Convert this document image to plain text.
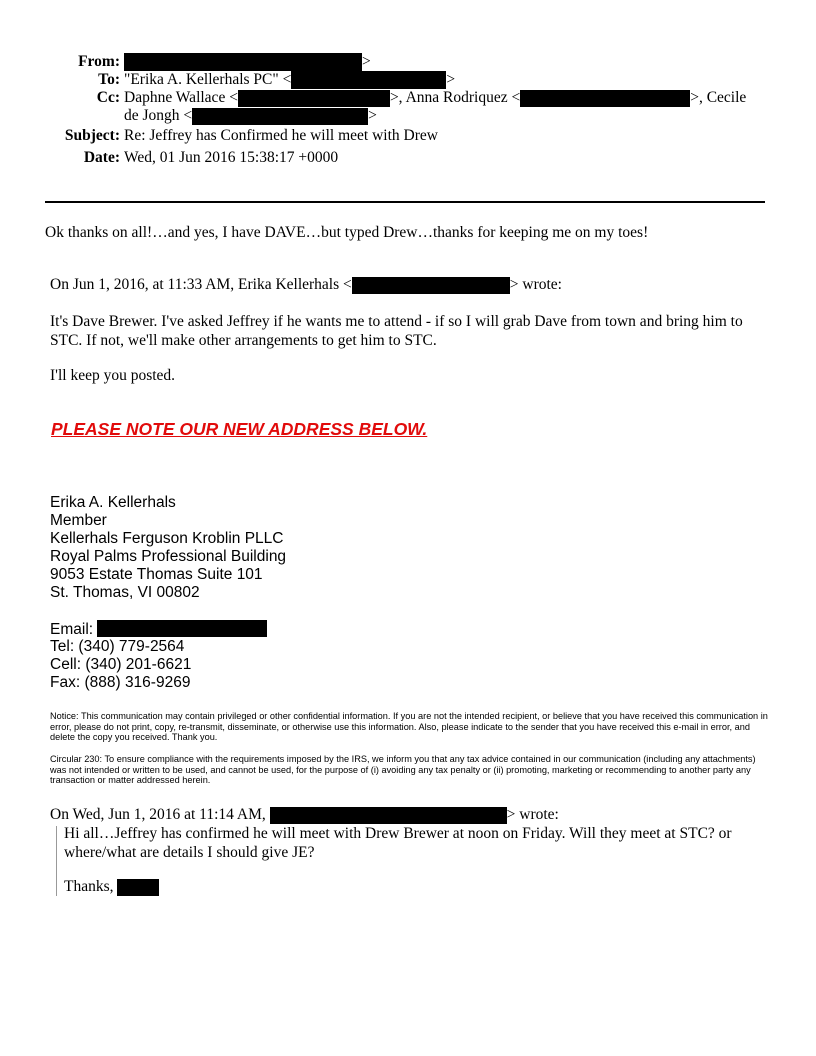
From:	>
To: "Erika A. Kellerhals PC" <	>
Cc: Daphne Wallace <	>, Anna Rodriquez <	>, Cecile de Jongh <	>
Subject: Re: Jeffrey has Confirmed he will meet with Drew
Date: Wed, 01 Jun 2016 15:38:17 +0000
Ok thanks on all!…and yes, I have DAVE…but typed Drew…thanks for keeping me on my toes!
On Jun 1, 2016, at 11:33 AM, Erika Kellerhals <	> wrote:
It's Dave Brewer. I've asked Jeffrey if he wants me to attend - if so I will grab Dave from town and bring him to STC. If not, we'll make other arrangements to get him to STC.
I'll keep you posted.
PLEASE NOTE OUR NEW ADDRESS BELOW.
Erika A. Kellerhals
Member
Kellerhals Ferguson Kroblin PLLC
Royal Palms Professional Building
9053 Estate Thomas Suite 101
St. Thomas, VI 00802
Email:
Tel: (340) 779-2564
Cell: (340) 201-6621
Fax: (888) 316-9269
Notice: This communication may contain privileged or other confidential information. If you are not the intended recipient, or believe that you have received this communication in error, please do not print, copy, re-transmit, disseminate, or otherwise use this information. Also, please indicate to the sender that you have received this e-mail in error, and delete the copy you received. Thank you.
Circular 230: To ensure compliance with the requirements imposed by the IRS, we inform you that any tax advice contained in our communication (including any attachments) was not intended or written to be used, and cannot be used, for the purpose of (i) avoiding any tax penalty or (ii) promoting, marketing or recommending to another party any transaction or matter addressed herein.
On Wed, Jun 1, 2016 at 11:14 AM,	> wrote:
Hi all…Jeffrey has confirmed he will meet with Drew Brewer at noon on Friday. Will they meet at STC? or where/what are details I should give JE?
Thanks,
